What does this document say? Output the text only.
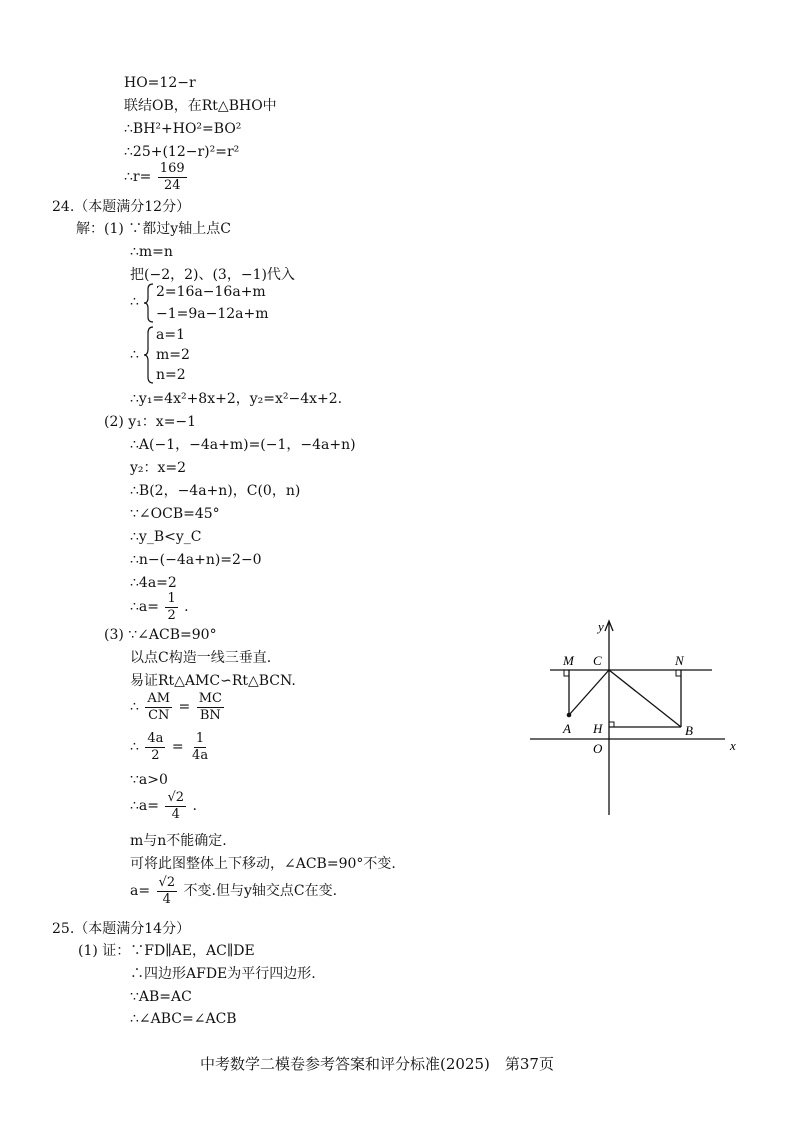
HO=12−r
联结OB，在Rt△BHO中
∴BH²+HO²=BO²
∴25+(12−r)²=r²
∴r= $\frac{169}{24}$
24.（本题满分12分）
解：(1) ∵都过y轴上点C
∴m=n
把(−2，2)、(3，−1)代入
∴
2=16a−16a+m
−1=9a−12a+m
∴
a=1
m=2
n=2
∴y₁=4x²+8x+2，y₂=x²−4x+2.
(2) y₁：x=−1
∴A(−1，−4a+m)=(−1，−4a+n)
y₂：x=2
∴B(2，−4a+n)，C(0，n)
∵∠OCB=45°
∴y_B<y_C
∴n−(−4a+n)=2−0
∴4a=2
∴a= $\frac{1}{2}$ .
(3) ∵∠ACB=90°
以点C构造一线三垂直.
易证Rt△AMC∽Rt△BCN.
∴ $\frac{AM}{CN} = \frac{MC}{BN}$
∴ $\frac{4a}{2} = \frac{1}{4a}$
∵a>0
∴a= $\frac{√2}{4}$ .
m与n不能确定.
可将此图整体上下移动，∠ACB=90°不变.
$a= \frac{√2}{4}$ 不变.但与y轴交点C在变.
25.（本题满分14分）
(1) 证：∵FD∥AE，AC∥DE
∴四边形AFDE为平行四边形.
∵AB=AC
∴∠ABC=∠ACB
y
x
M C	N
A H	B
O
中考数学二模卷参考答案和评分标准(2025)　第37页
